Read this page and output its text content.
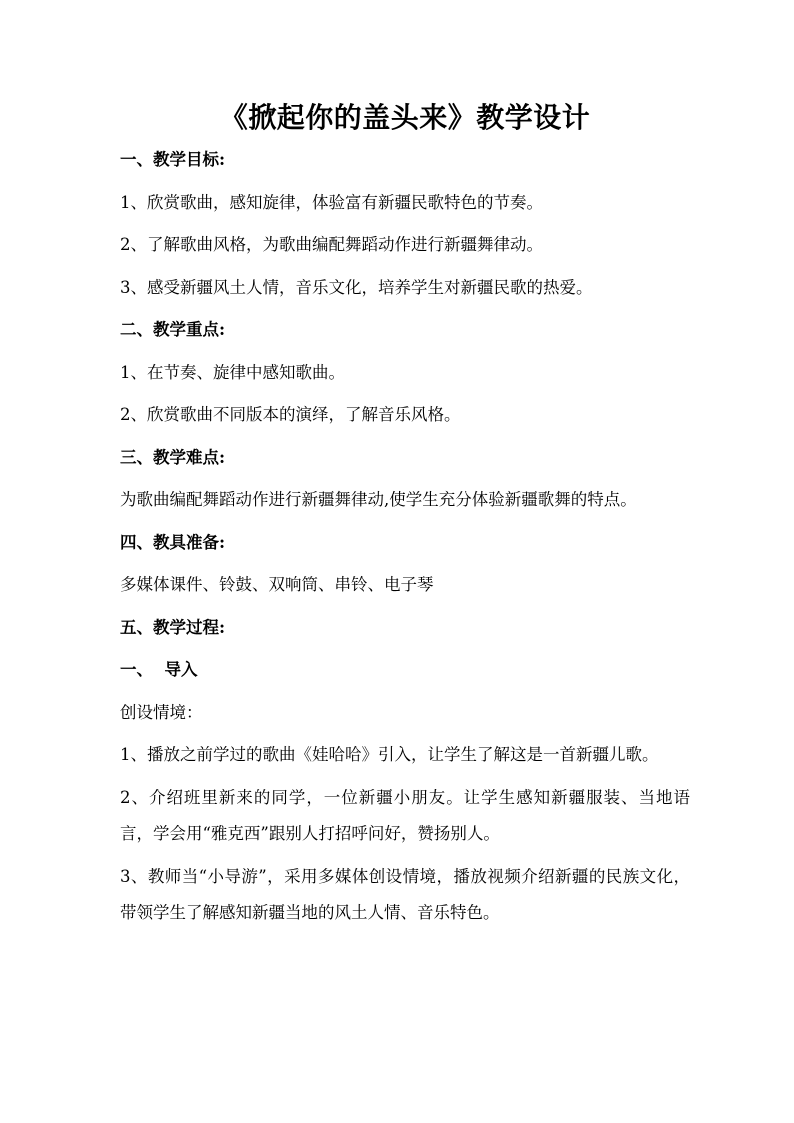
《掀起你的盖头来》教学设计
一、教学目标:
1、欣赏歌曲，感知旋律，体验富有新疆民歌特色的节奏。
2、了解歌曲风格，为歌曲编配舞蹈动作进行新疆舞律动。
3、感受新疆风土人情，音乐文化，培养学生对新疆民歌的热爱。
二、教学重点:
1、在节奏、旋律中感知歌曲。
2、欣赏歌曲不同版本的演绎，了解音乐风格。
三、教学难点:
为歌曲编配舞蹈动作进行新疆舞律动,使学生充分体验新疆歌舞的特点。
四、教具准备:
多媒体课件、铃鼓、双响筒、串铃、电子琴
五、教学过程:
一、  导入
创设情境：
1、播放之前学过的歌曲《娃哈哈》引入，让学生了解这是一首新疆儿歌。
2、介绍班里新来的同学，一位新疆小朋友。让学生感知新疆服装、当地语言，学会用“雅克西”跟别人打招呼问好，赞扬别人。
3、教师当“小导游”，采用多媒体创设情境，播放视频介绍新疆的民族文化，带领学生了解感知新疆当地的风土人情、音乐特色。
